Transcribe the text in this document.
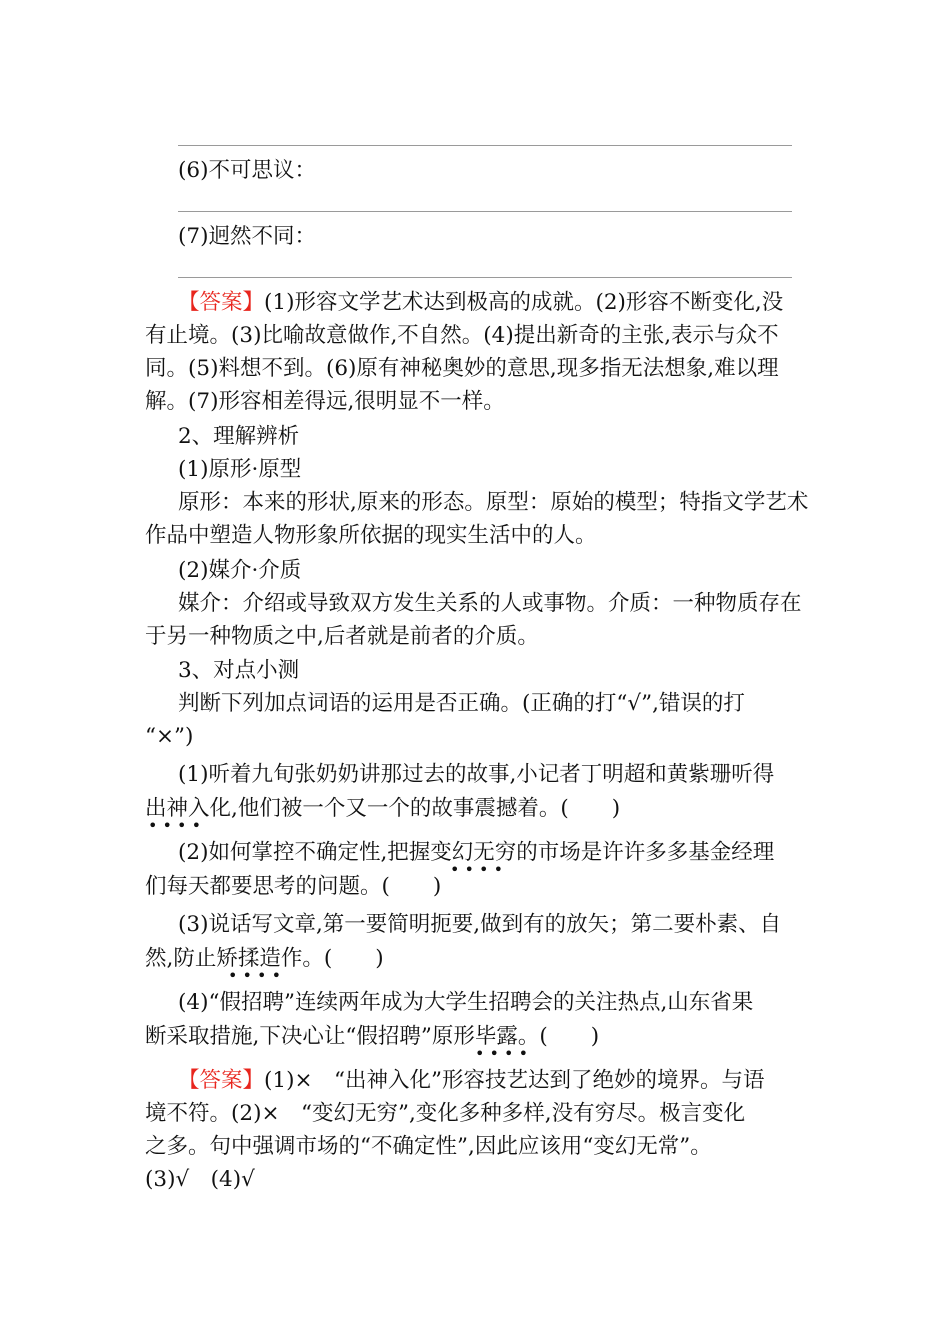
(6)不可思议：
(7)迥然不同：
【答案】(1)形容文学艺术达到极高的成就。(2)形容不断变化,没
有止境。(3)比喻故意做作,不自然。(4)提出新奇的主张,表示与众不
同。(5)料想不到。(6)原有神秘奥妙的意思,现多指无法想象,难以理
解。(7)形容相差得远,很明显不一样。
2、理解辨析
(1)原形·原型
原形：本来的形状,原来的形态。原型：原始的模型；特指文学艺术
作品中塑造人物形象所依据的现实生活中的人。
(2)媒介·介质
媒介：介绍或导致双方发生关系的人或事物。介质：一种物质存在
于另一种物质之中,后者就是前者的介质。
3、对点小测
判断下列加点词语的运用是否正确。(正确的打“√”,错误的打
“×”)
(1)听着九旬张奶奶讲那过去的故事,小记者丁明超和黄紫珊听得
出神入化,他们被一个又一个的故事震撼着。(　　)
• • • •
(2)如何掌控不确定性,把握变幻无穷的市场是许许多多基金经理
• • • •
们每天都要思考的问题。(　　)
(3)说话写文章,第一要简明扼要,做到有的放矢；第二要朴素、自
然,防止矫揉造作。(　　)
• • • •
(4)“假招聘”连续两年成为大学生招聘会的关注热点,山东省果
断采取措施,下决心让“假招聘”原形毕露。(　　)
• • • •
【答案】(1)×　“出神入化”形容技艺达到了绝妙的境界。与语
境不符。(2)×　“变幻无穷”,变化多种多样,没有穷尽。极言变化
之多。句中强调市场的“不确定性”,因此应该用“变幻无常”。
(3)√　(4)√
